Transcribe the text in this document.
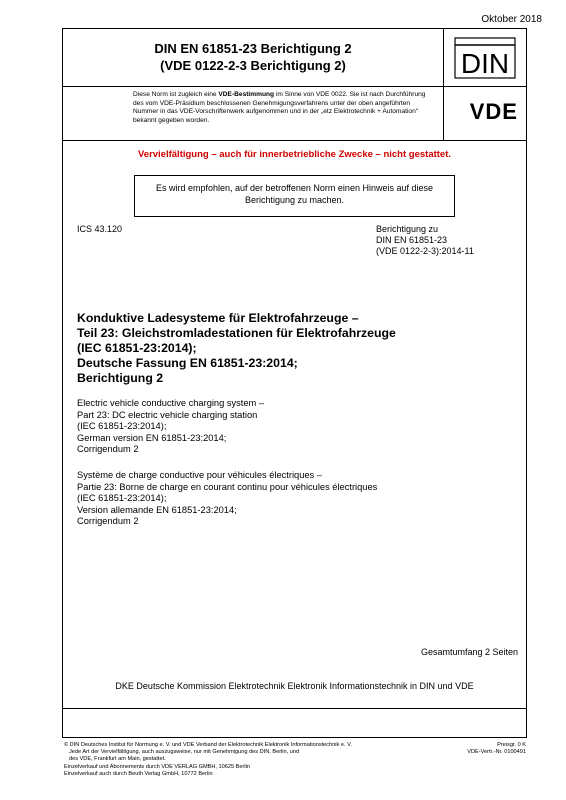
Oktober 2018
DIN EN 61851-23 Berichtigung 2
(VDE 0122-2-3 Berichtigung 2)	DIN
Diese Norm ist zugleich eine VDE-Bestimmung im Sinne von VDE 0022. Sie ist nach Durchführung des vom VDE-Präsidium beschlossenen Genehmigungsverfahrens unter der oben angeführten Nummer in das VDE-Vorschriftenwerk aufgenommen und in der „etz Elektrotechnik + Automation“ bekannt gegeben worden.	VDE
Vervielfältigung – auch für innerbetriebliche Zwecke – nicht gestattet.
Es wird empfohlen, auf der betroffenen Norm einen Hinweis auf diese Berichtigung zu machen.
ICS 43.120	Berichtigung zu
DIN EN 61851-23
(VDE 0122-2-3):2014-11
Konduktive Ladesysteme für Elektrofahrzeuge –
Teil 23: Gleichstromladestationen für Elektrofahrzeuge
(IEC 61851-23:2014);
Deutsche Fassung EN 61851-23:2014;
Berichtigung 2
Electric vehicle conductive charging system –
Part 23: DC electric vehicle charging station
(IEC 61851-23:2014);
German version EN 61851-23:2014;
Corrigendum 2
Système de charge conductive pour véhicules électriques –
Partie 23: Borne de charge en courant continu pour véhicules électriques
(IEC 61851-23:2014);
Version allemande EN 61851-23:2014;
Corrigendum 2
Gesamtumfang 2 Seiten
DKE Deutsche Kommission Elektrotechnik Elektronik Informationstechnik in DIN und VDE
© DIN Deutsches Institut für Normung e. V. und VDE Verband der Elektrotechnik Elektronik Informationstechnik e. V.
Jede Art der Vervielfältigung, auch auszugsweise, nur mit Genehmigung des DIN, Berlin, und
des VDE, Frankfurt am Main, gestattet.
Einzelverkauf und Abonnements durch VDE VERLAG GMBH, 10625 Berlin
Einzelverkauf auch durch Beuth Verlag GmbH, 10772 Berlin
Preisgr. 0 K
VDE-Vertr.-Nr. 0100491
